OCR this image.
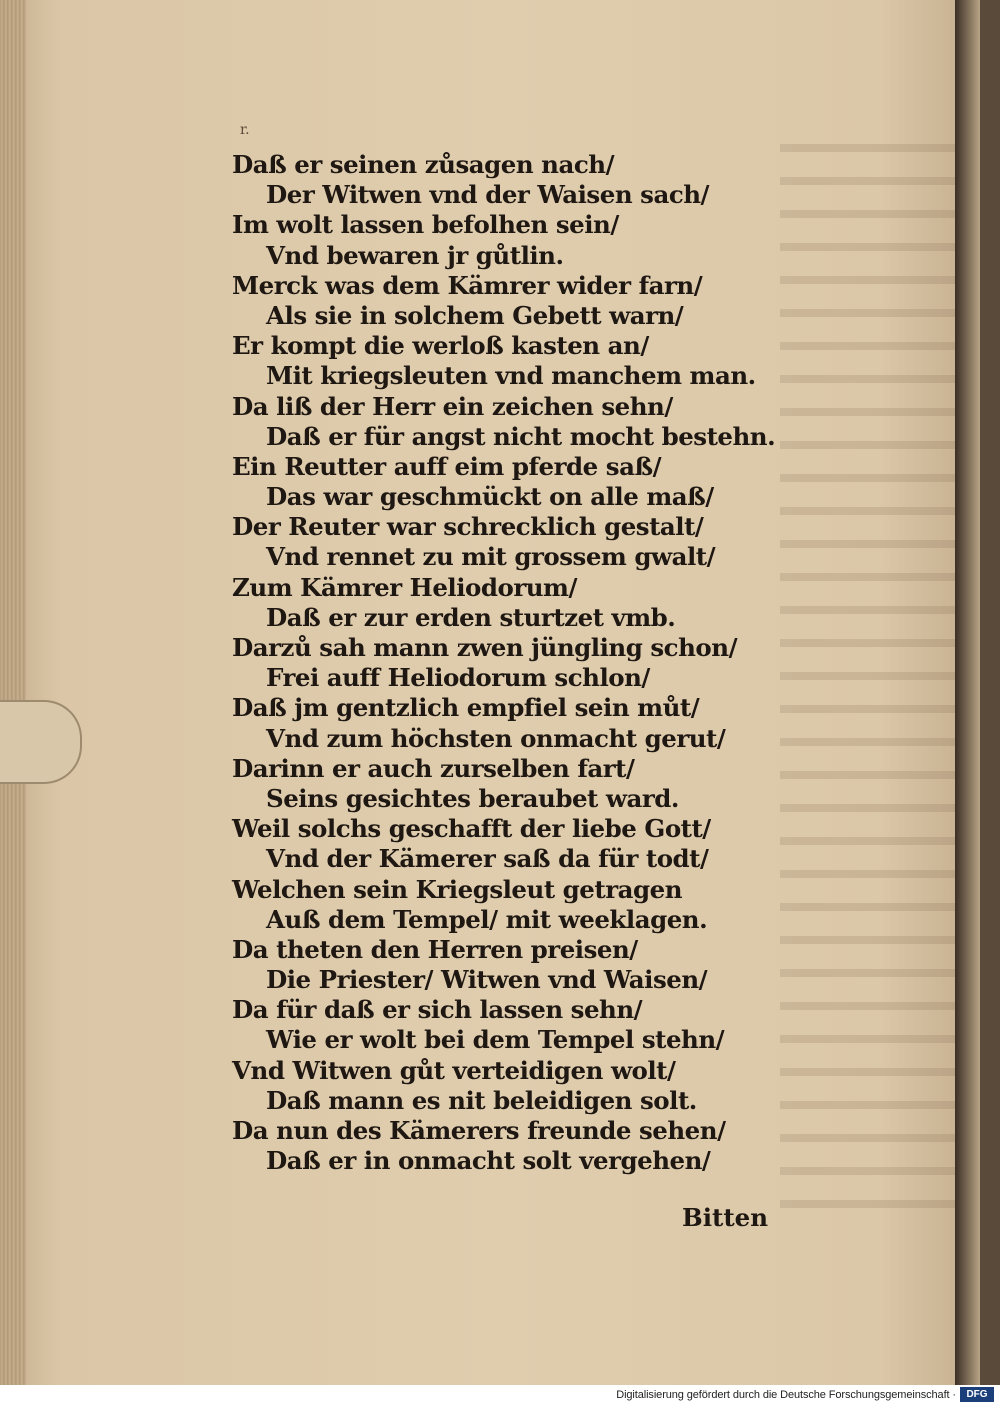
r.
Daß er seinen zůsagen nach/
Der Witwen vnd der Waisen sach/
Im wolt lassen befolhen sein/
Vnd bewaren jr gůtlin.
Merck was dem Kämrer wider farn/
Als sie in solchem Gebett warn/
Er kompt die werloß kasten an/
Mit kriegsleuten vnd manchem man.
Da liß der Herr ein zeichen sehn/
Daß er für angst nicht mocht bestehn.
Ein Reutter auff eim pferde saß/
Das war geschmückt on alle maß/
Der Reuter war schrecklich gestalt/
Vnd rennet zu mit grossem gwalt/
Zum Kämrer Heliodorum/
Daß er zur erden sturtzet vmb.
Darzů sah mann zwen jüngling schon/
Frei auff Heliodorum schlon/
Daß jm gentzlich empfiel sein můt/
Vnd zum höchsten onmacht gerut/
Darinn er auch zurselben fart/
Seins gesichtes beraubet ward.
Weil solchs geschafft der liebe Gott/
Vnd der Kämerer saß da für todt/
Welchen sein Kriegsleut getragen
Auß dem Tempel/ mit weeklagen.
Da theten den Herren preisen/
Die Priester/ Witwen vnd Waisen/
Da für daß er sich lassen sehn/
Wie er wolt bei dem Tempel stehn/
Vnd Witwen gůt verteidigen wolt/
Daß mann es nit beleidigen solt.
Da nun des Kämerers freunde sehen/
Daß er in onmacht solt vergehen/
Bitten
Digitalisierung gefördert durch die Deutsche Forschungsgemeinschaft ·	DFG
